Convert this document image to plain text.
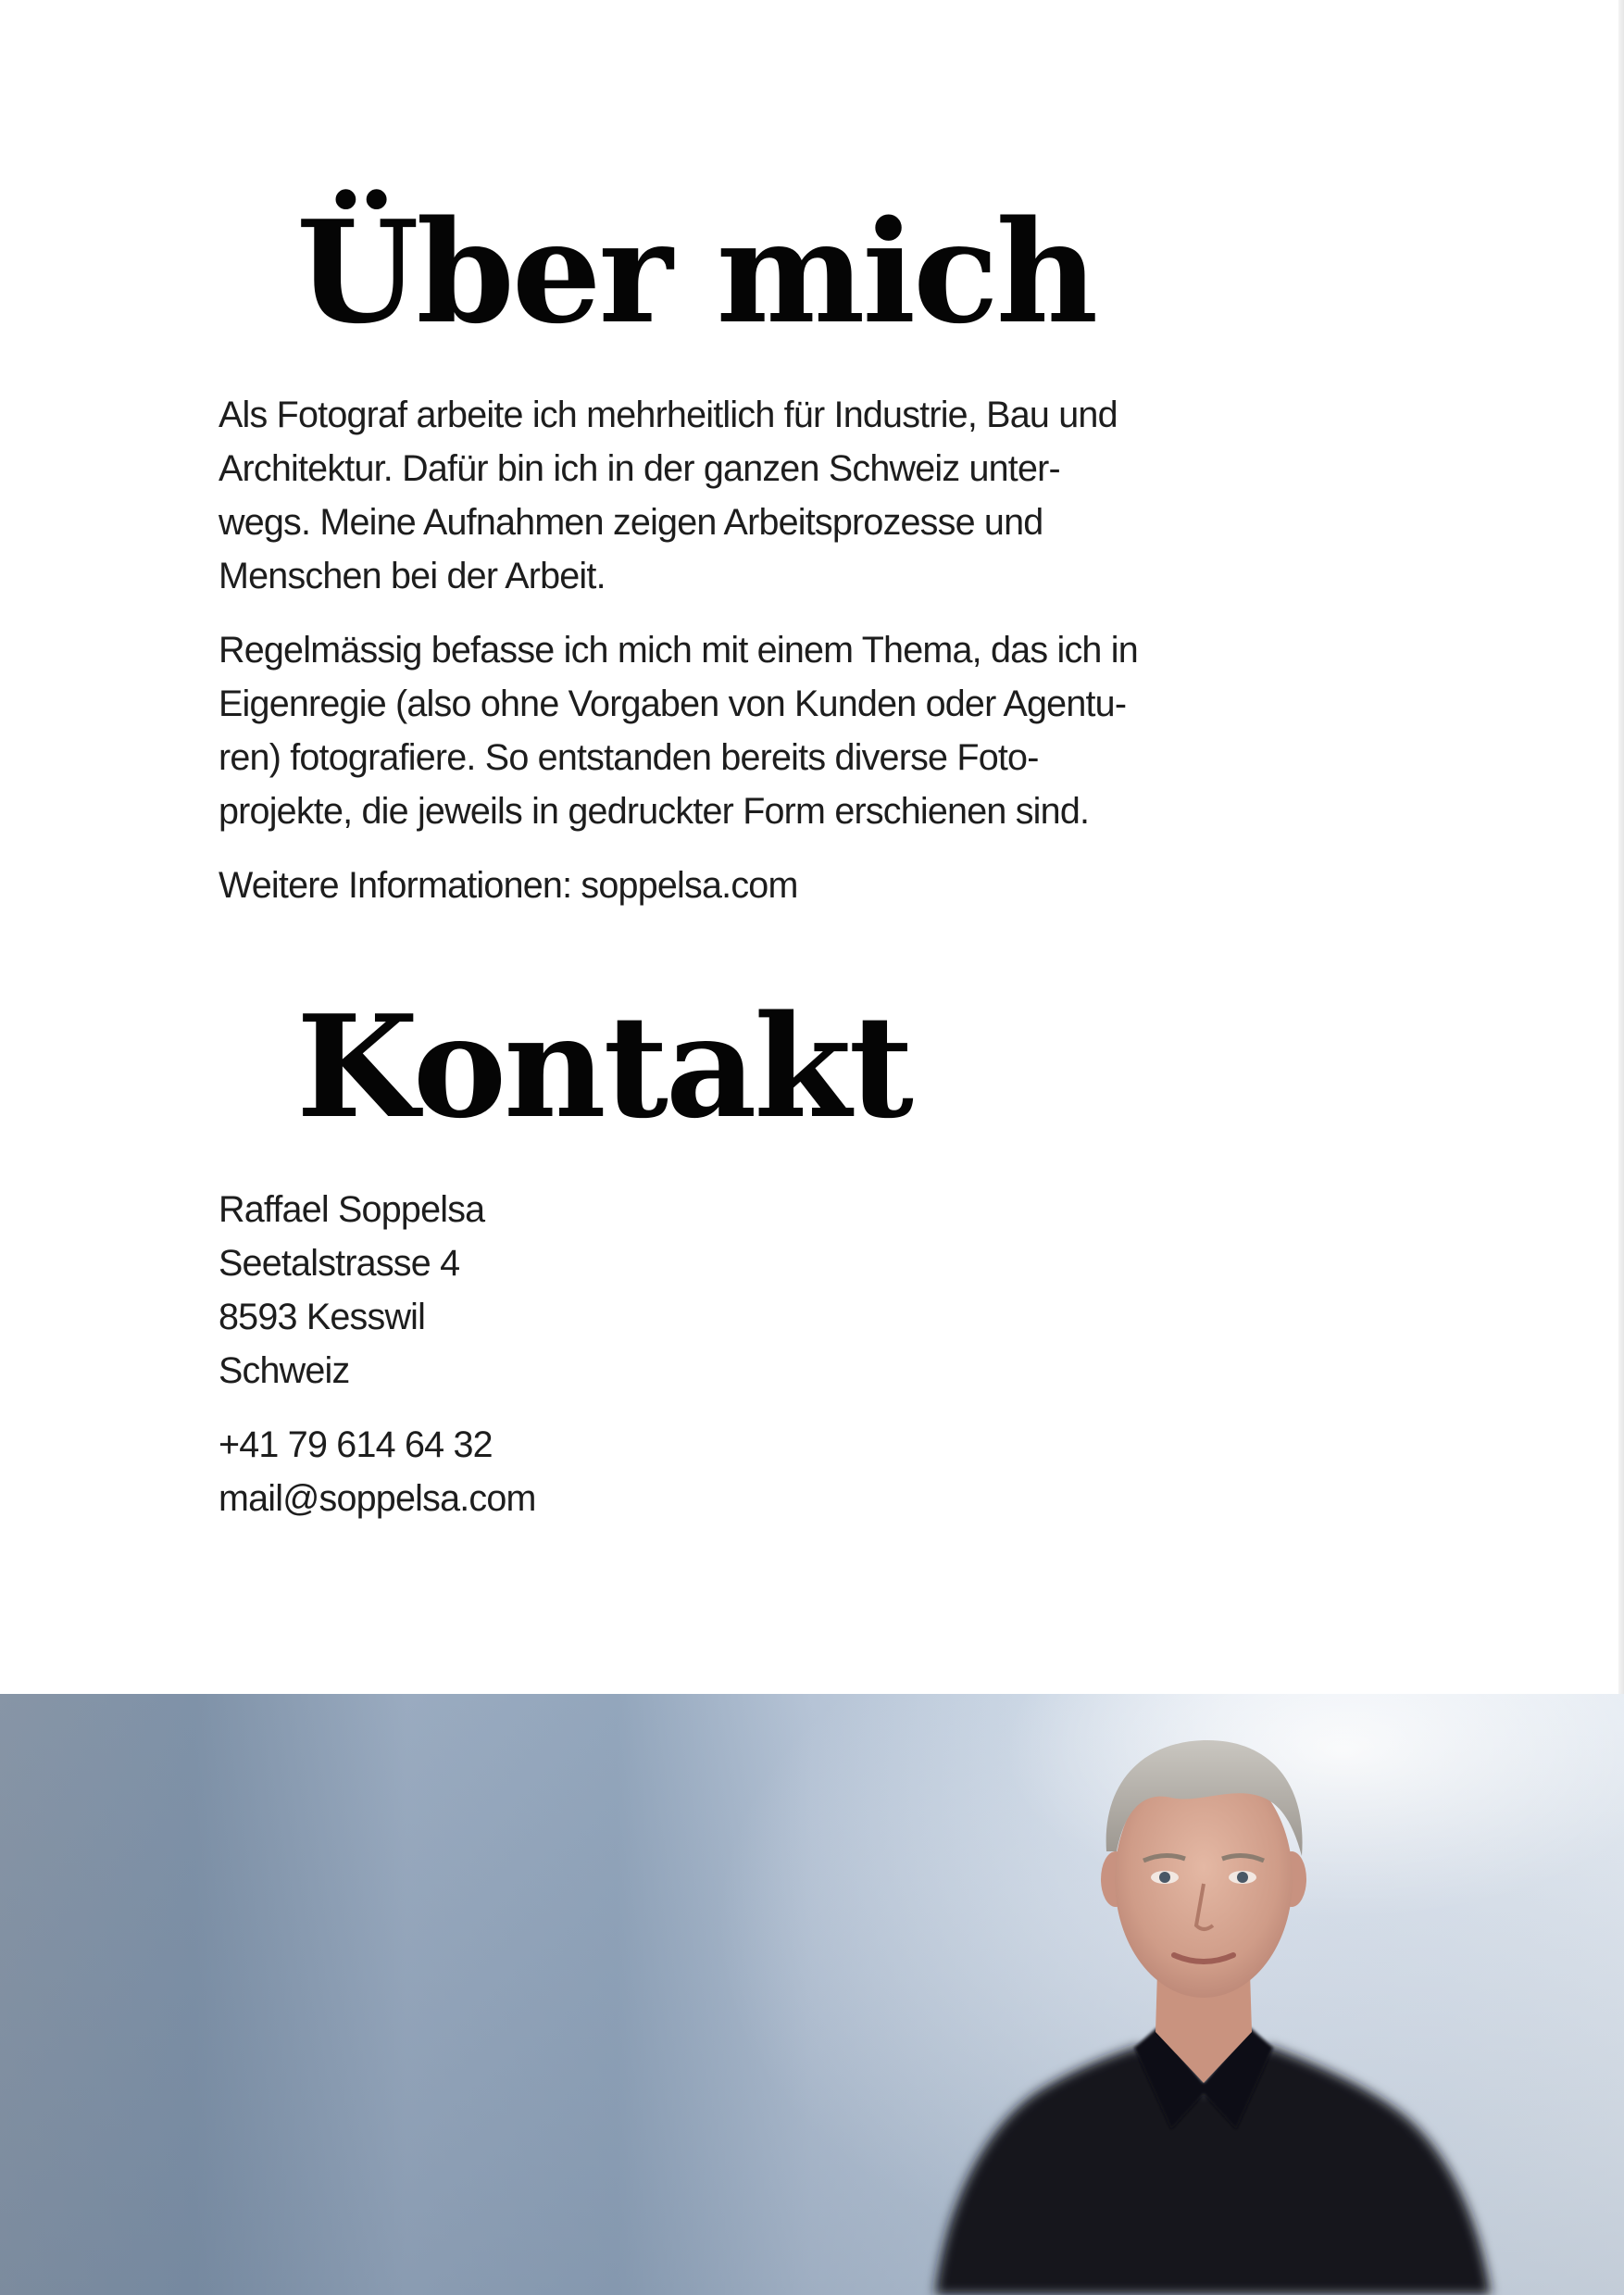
Über mich

Als Fotograf arbeite ich mehrheitlich für Industrie, Bau und
Architektur. Dafür bin ich in der ganzen Schweiz unter-
wegs. Meine Aufnahmen zeigen Arbeitsprozesse und
Menschen bei der Arbeit.

Regelmässig befasse ich mich mit einem Thema, das ich in
Eigenregie (also ohne Vorgaben von Kunden oder Agentu-
ren) fotografiere. So entstanden bereits diverse Foto-
projekte, die jeweils in gedruckter Form erschienen sind.

Weitere Informationen: soppelsa.com

Kontakt

Raffael Soppelsa
Seetalstrasse 4
8593 Kesswil
Schweiz

+41 79 614 64 32
mail@soppelsa.com
